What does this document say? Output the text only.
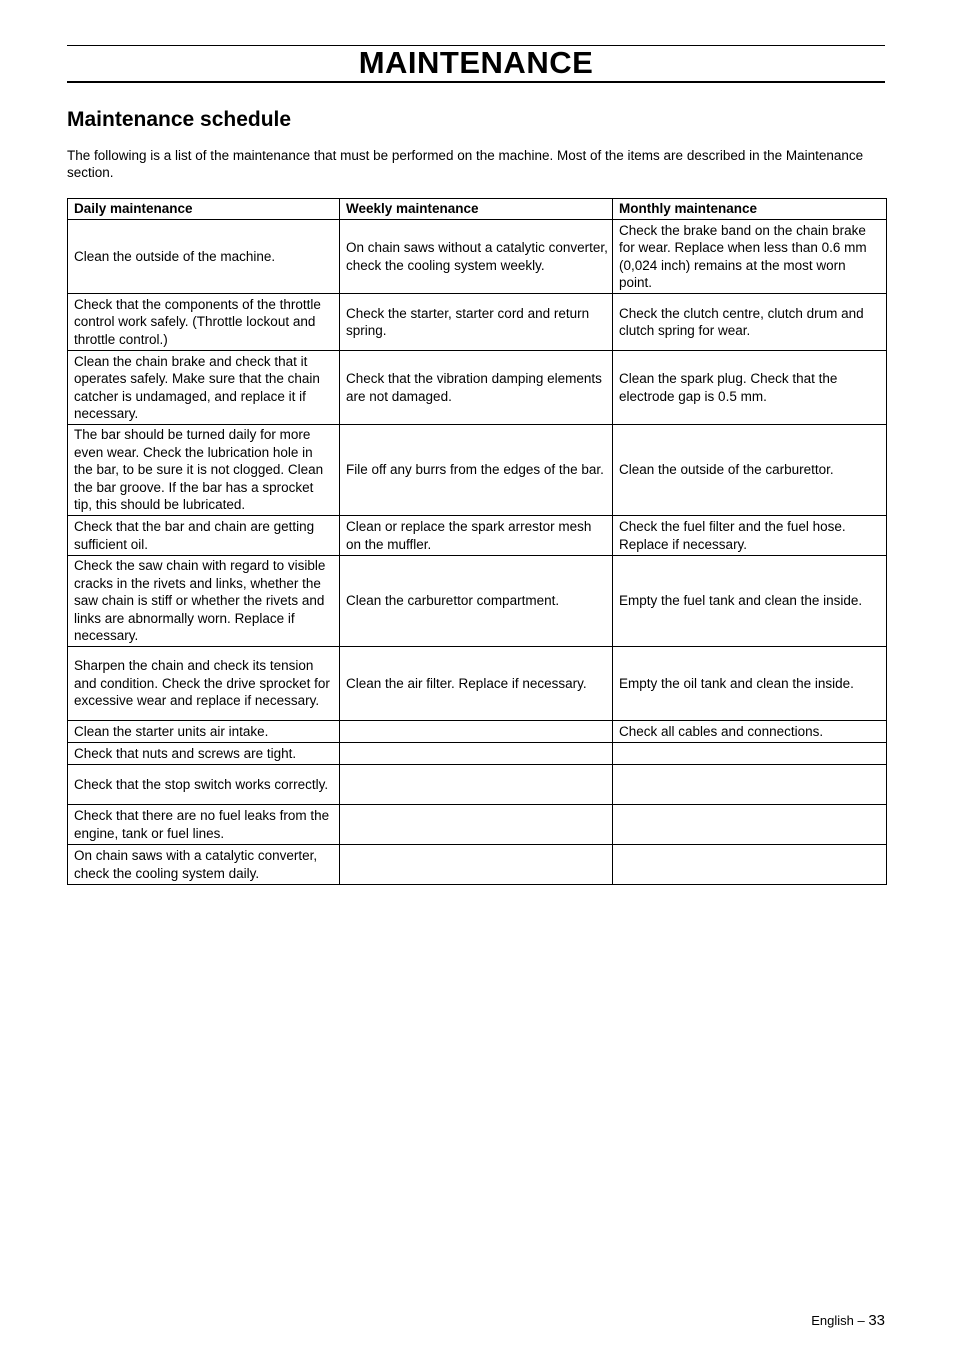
MAINTENANCE
Maintenance schedule
The following is a list of the maintenance that must be performed on the machine. Most of the items are described in the Maintenance section.
Daily maintenance	Weekly maintenance	Monthly maintenance
Clean the outside of the machine.	On chain saws without a catalytic converter, check the cooling system weekly.	Check the brake band on the chain brake for wear. Replace when less than 0.6 mm (0,024 inch) remains at the most worn point.
Check that the components of the throttle control work safely. (Throttle lockout and throttle control.)	Check the starter, starter cord and return spring.	Check the clutch centre, clutch drum and clutch spring for wear.
Clean the chain brake and check that it operates safely. Make sure that the chain catcher is undamaged, and replace it if necessary.	Check that the vibration damping elements are not damaged.	Clean the spark plug. Check that the electrode gap is 0.5 mm.
The bar should be turned daily for more even wear. Check the lubrication hole in the bar, to be sure it is not clogged. Clean the bar groove. If the bar has a sprocket tip, this should be lubricated.	File off any burrs from the edges of the bar.	Clean the outside of the carburettor.
Check that the bar and chain are getting sufficient oil.	Clean or replace the spark arrestor mesh on the muffler.	Check the fuel filter and the fuel hose. Replace if necessary.
Check the saw chain with regard to visible cracks in the rivets and links, whether the saw chain is stiff or whether the rivets and links are abnormally worn. Replace if necessary.	Clean the carburettor compartment.	Empty the fuel tank and clean the inside.
Sharpen the chain and check its tension and condition. Check the drive sprocket for excessive wear and replace if necessary.	Clean the air filter. Replace if necessary.	Empty the oil tank and clean the inside.
Clean the starter units air intake.		Check all cables and connections.
Check that nuts and screws are tight.		
Check that the stop switch works correctly.		
Check that there are no fuel leaks from the engine, tank or fuel lines.		
On chain saws with a catalytic converter, check the cooling system daily.		
English – 33
